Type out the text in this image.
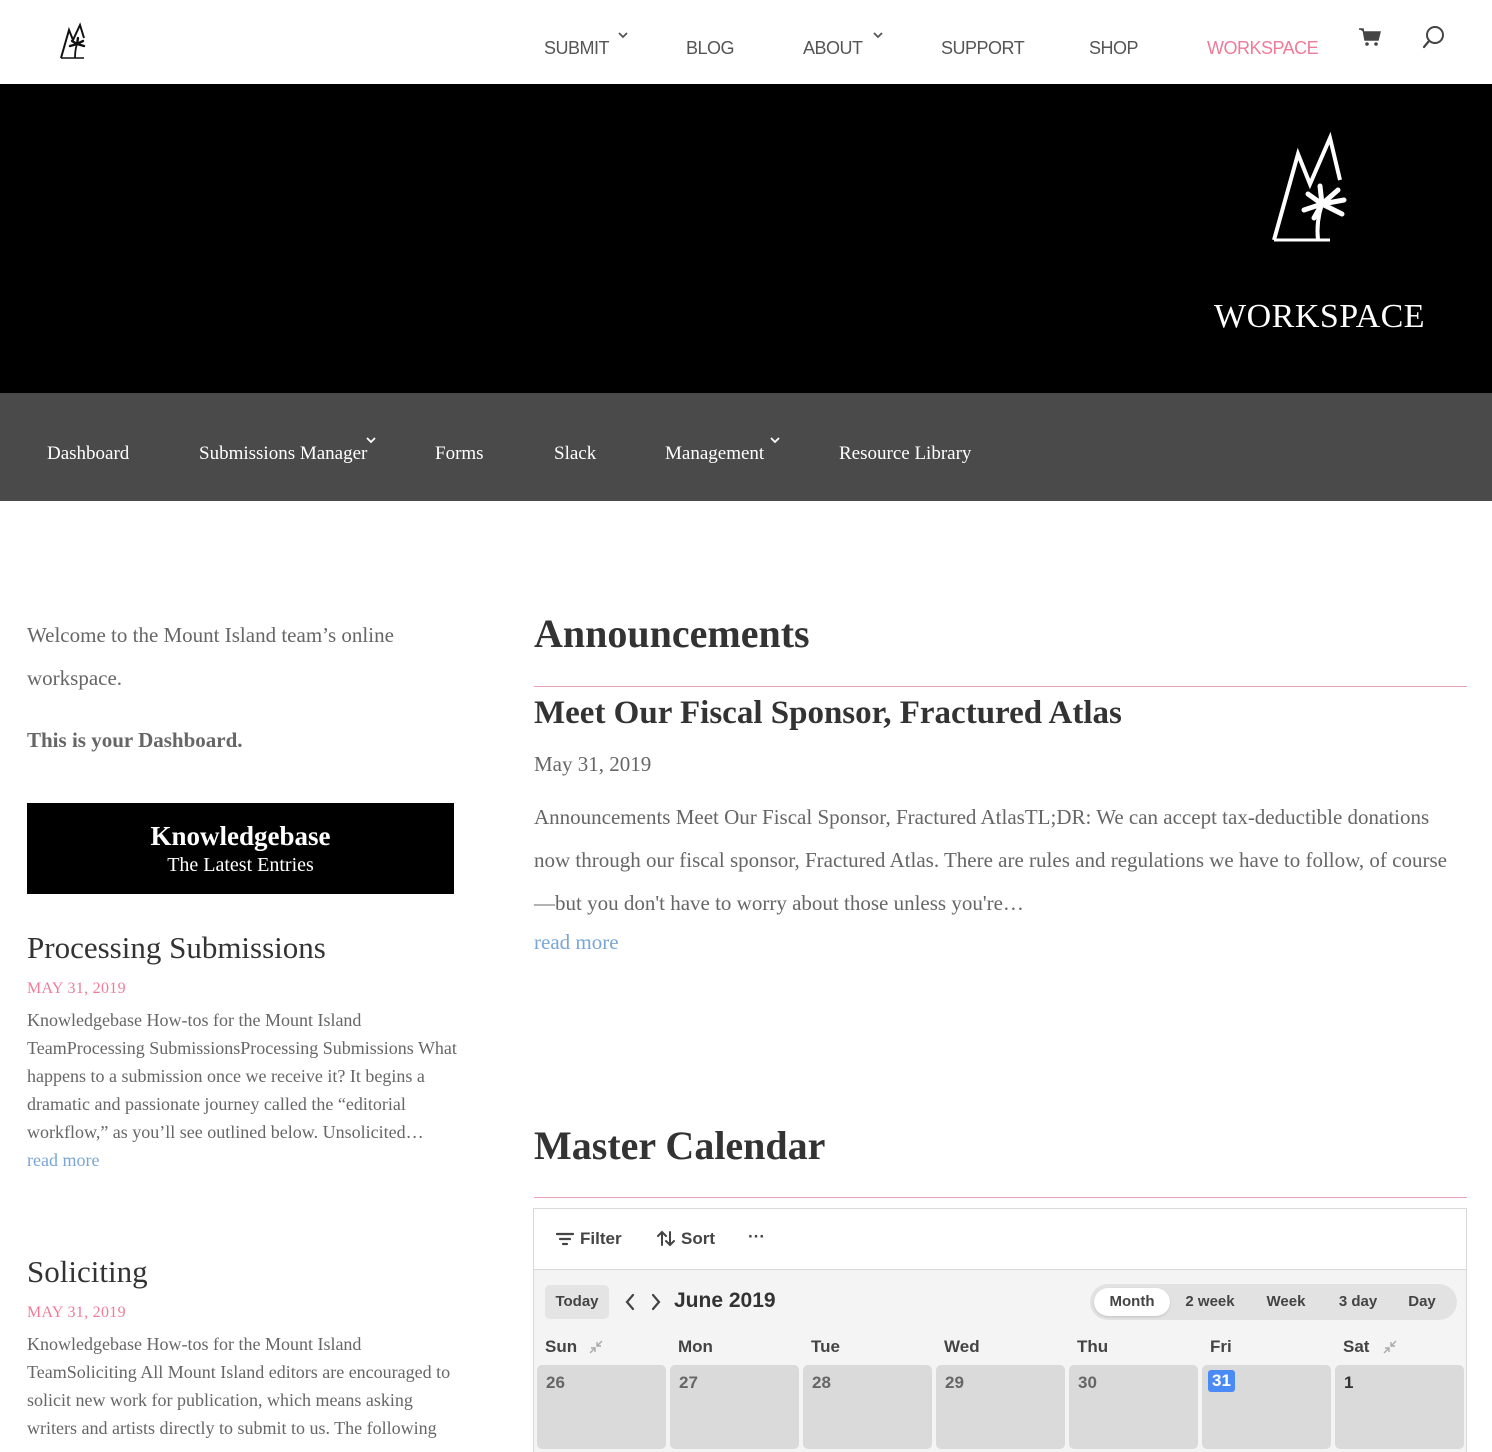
SUBMIT	BLOG	ABOUT	SUPPORT	SHOP	WORKSPACE
WORKSPACE
Dashboard	Submissions Manager	Forms	Slack	Management	Resource Library

Welcome to the Mount Island team’s online workspace.

This is your Dashboard.

Knowledgebase
The Latest Entries
Processing Submissions
MAY 31, 2019
Knowledgebase How-tos for the Mount Island TeamProcessing SubmissionsProcessing Submissions What happens to a submission once we receive it? It begins a dramatic and passionate journey called the “editorial workflow,” as you’ll see outlined below. Unsolicited…
read more
Soliciting
MAY 31, 2019
Knowledgebase How-tos for the Mount Island TeamSoliciting All Mount Island editors are encouraged to solicit new work for publication, which means asking writers and artists directly to submit to us. The following
Announcements
Meet Our Fiscal Sponsor, Fractured Atlas
May 31, 2019

Announcements Meet Our Fiscal Sponsor, Fractured AtlasTL;DR: We can accept tax-deductible donations now through our fiscal sponsor, Fractured Atlas. There are rules and regulations we have to follow, of course—but you don't have to worry about those unless you're…

read more
Master Calendar
Filter	Sort ···
Today	June 2019	Month	2 week	Week	3 day	Day
Sun	Mon	Tue	Wed	Thu	Fri	Sat
26	27	28	29	30	31	1
